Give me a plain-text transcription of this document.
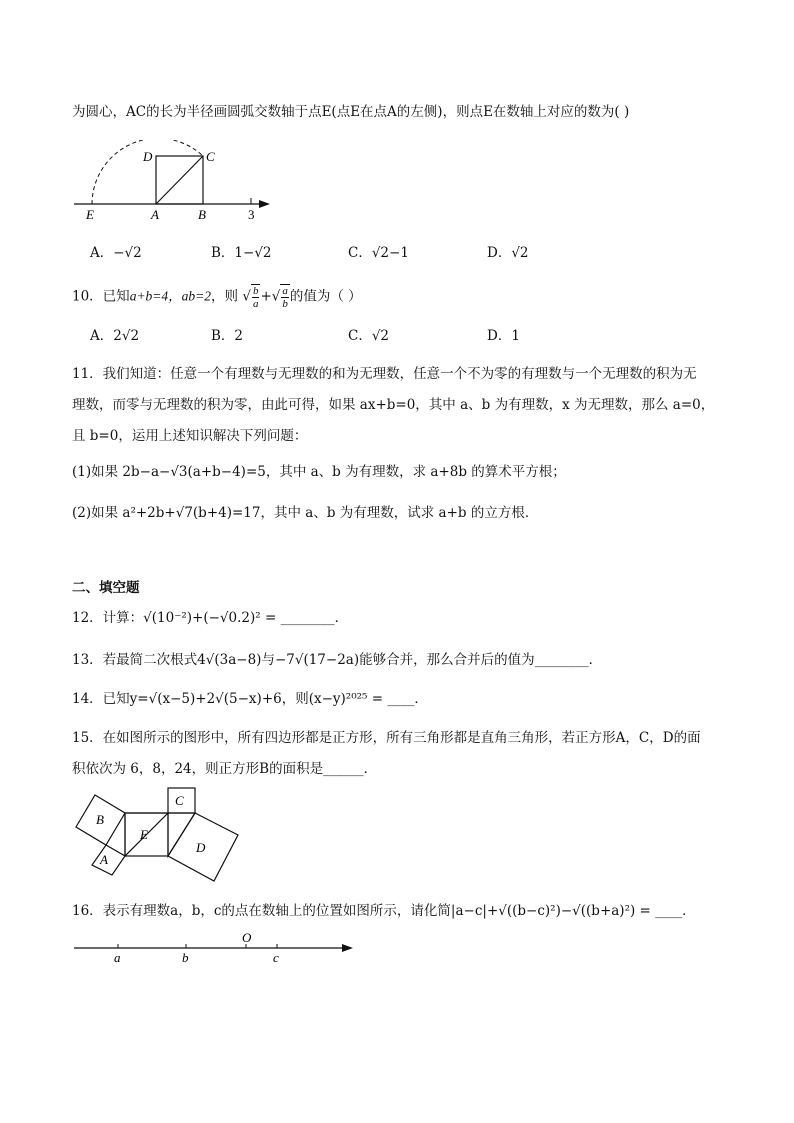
为圆心，AC的长为半径画圆弧交数轴于点E(点E在点A的左侧)，则点E在数轴上对应的数为( )
D	C
E	A	B	3
A．−√2	B．1−√2	C．√2−1	D．√2
10．已知a+b=4，ab=2，则 √ $\frac{b}{a}$ +√ $\frac{a}{b}$ 的值为（ ）
A．2√2	B．2	C．√2	D．1
11．我们知道：任意一个有理数与无理数的和为无理数，任意一个不为零的有理数与一个无理数的积为无
理数，而零与无理数的积为零，由此可得，如果 ax+b=0，其中 a、b 为有理数，x 为无理数，那么 a=0，
且 b=0，运用上述知识解决下列问题：
(1)如果 2b−a−√3(a+b−4)=5，其中 a、b 为有理数，求 a+8b 的算术平方根；
(2)如果 a²+2b+√7(b+4)=17，其中 a、b 为有理数，试求 a+b 的立方根．
二、填空题
12．计算：√(10⁻²)+(−√0.2)² = ________．
13．若最简二次根式4√(3a−8)与−7√(17−2a)能够合并，那么合并后的值为________．
14．已知y=√(x−5)+2√(5−x)+6，则(x−y)²⁰²⁵ = ____．
15．在如图所示的图形中，所有四边形都是正方形，所有三角形都是直角三角形，若正方形A，C，D的面
积依次为 6，8，24，则正方形B的面积是______．
B
C
E
D
A
16．表示有理数a，b，c的点在数轴上的位置如图所示，请化简|a−c|+√((b−c)²)−√((b+a)²) = ____．
O
a	b	c
